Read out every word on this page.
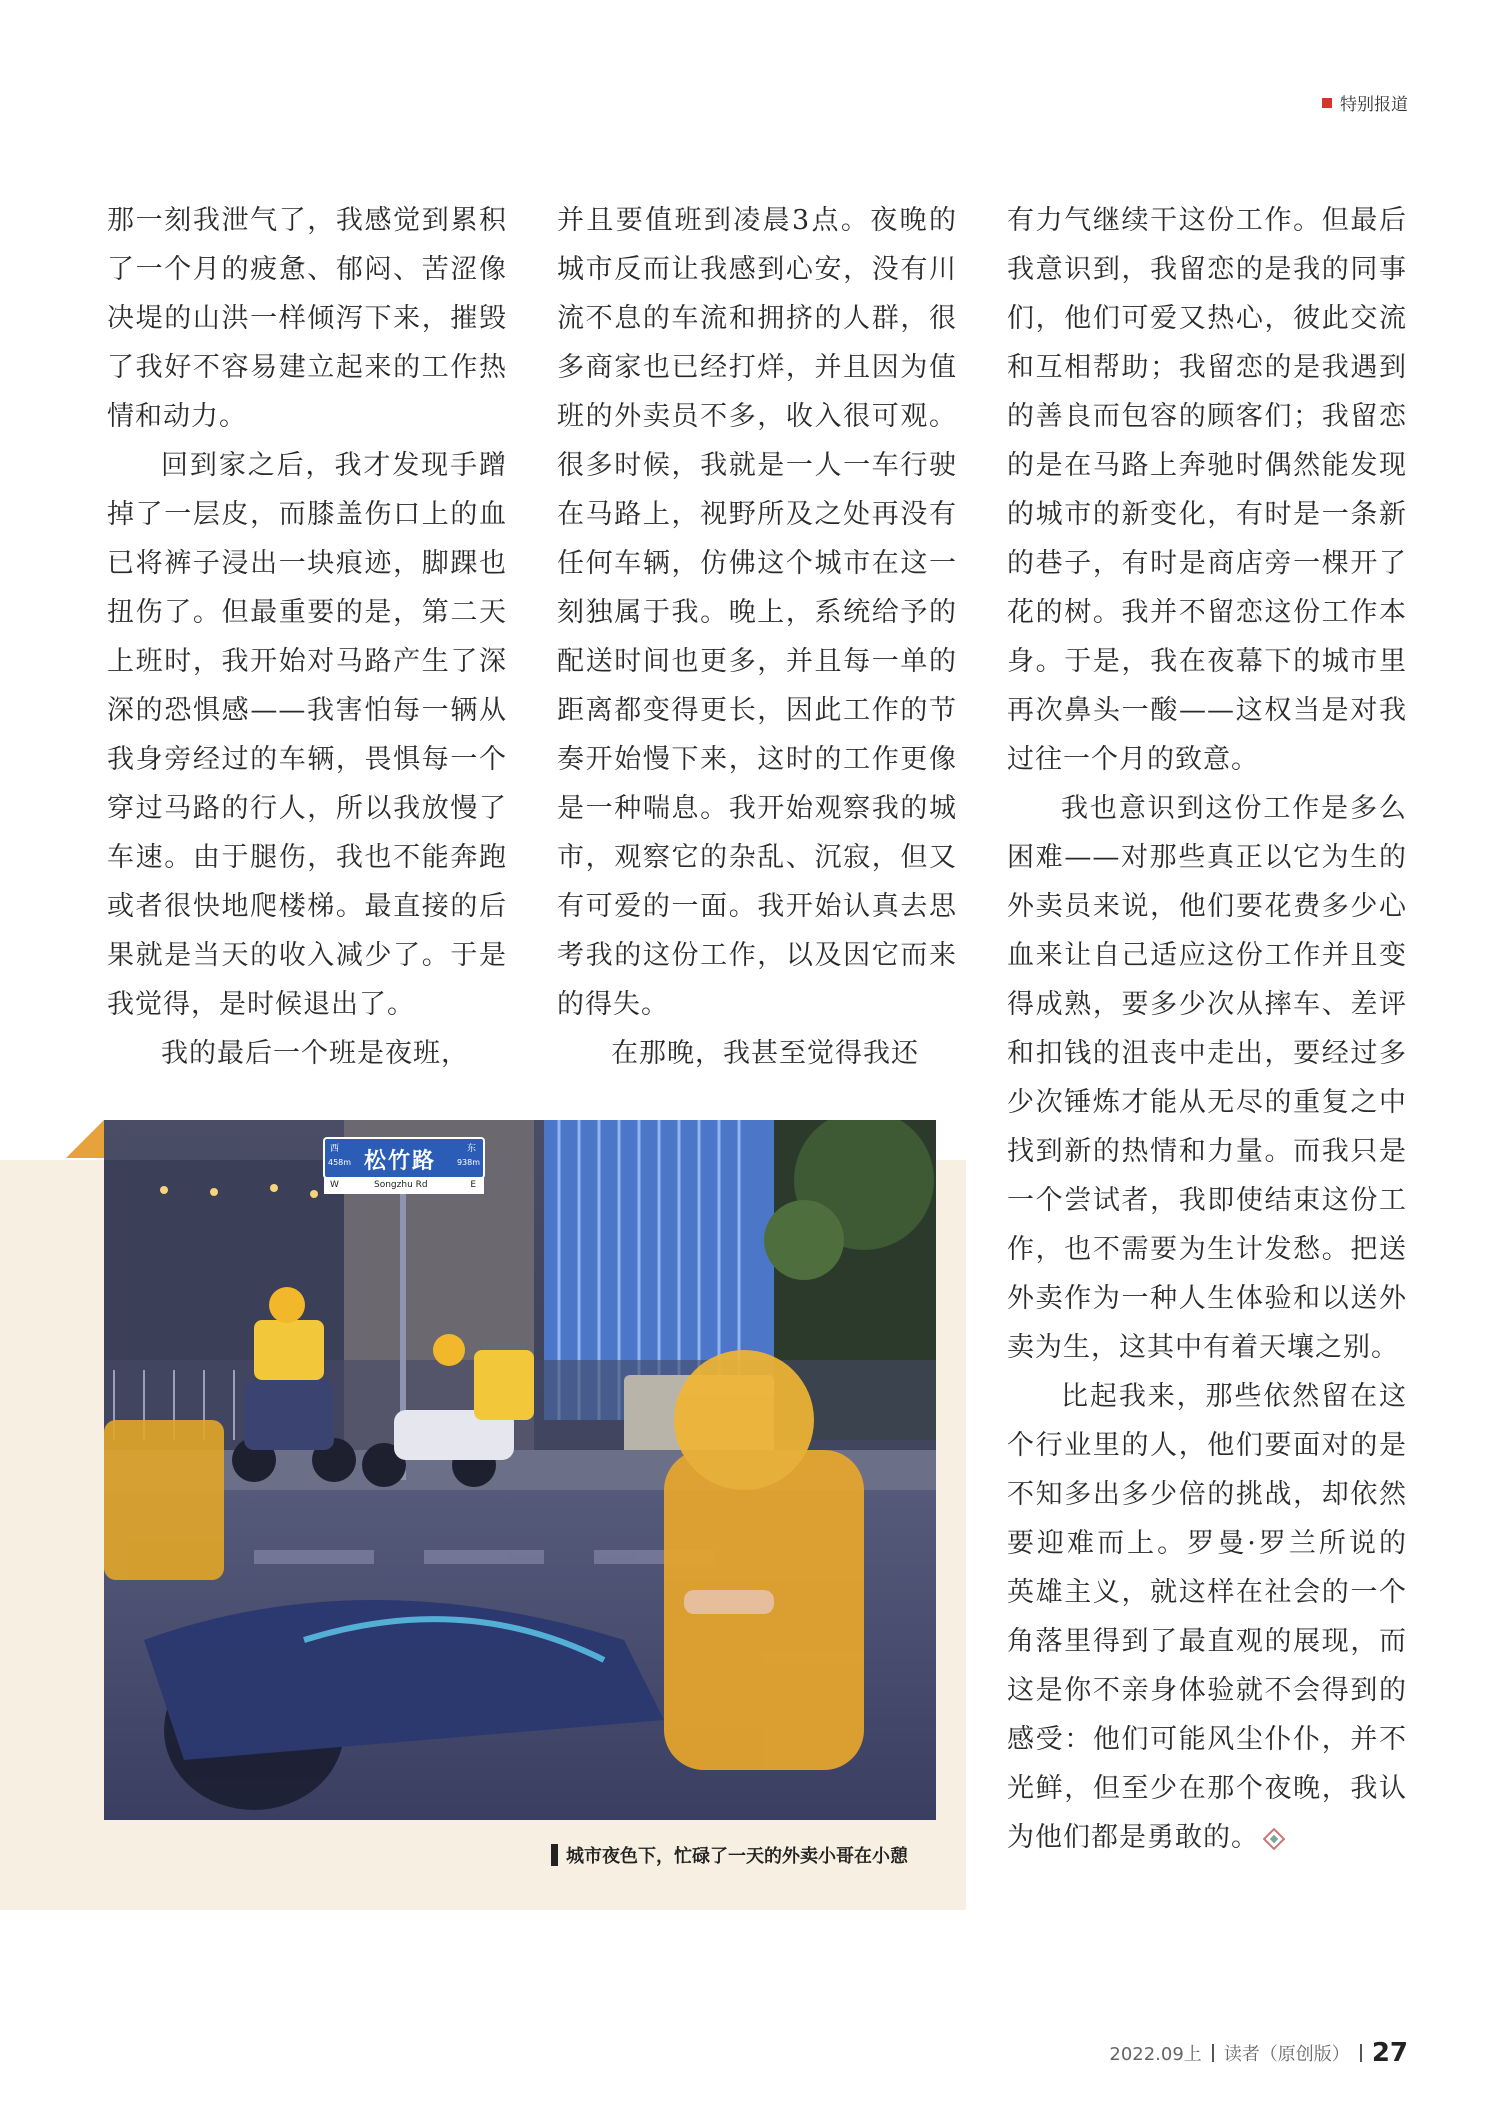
特别报道

那一刻我泄气了，我感觉到累积了一个月的疲惫、郁闷、苦涩像决堤的山洪一样倾泻下来，摧毁了我好不容易建立起来的工作热情和动力。

回到家之后，我才发现手蹭掉了一层皮，而膝盖伤口上的血已将裤子浸出一块痕迹，脚踝也扭伤了。但最重要的是，第二天上班时，我开始对马路产生了深深的恐惧感——我害怕每一辆从我身旁经过的车辆，畏惧每一个穿过马路的行人，所以我放慢了车速。由于腿伤，我也不能奔跑或者很快地爬楼梯。最直接的后果就是当天的收入减少了。于是我觉得，是时候退出了。

我的最后一个班是夜班，

并且要值班到凌晨3点。夜晚的城市反而让我感到心安，没有川流不息的车流和拥挤的人群，很多商家也已经打烊，并且因为值班的外卖员不多，收入很可观。很多时候，我就是一人一车行驶在马路上，视野所及之处再没有任何车辆，仿佛这个城市在这一刻独属于我。晚上，系统给予的配送时间也更多，并且每一单的距离都变得更长，因此工作的节奏开始慢下来，这时的工作更像是一种喘息。我开始观察我的城市，观察它的杂乱、沉寂，但又有可爱的一面。我开始认真去思考我的这份工作，以及因它而来的得失。

在那晚，我甚至觉得我还

有力气继续干这份工作。但最后我意识到，我留恋的是我的同事们，他们可爱又热心，彼此交流和互相帮助；我留恋的是我遇到的善良而包容的顾客们；我留恋的是在马路上奔驰时偶然能发现的城市的新变化，有时是一条新的巷子，有时是商店旁一棵开了花的树。我并不留恋这份工作本身。于是，我在夜幕下的城市里再次鼻头一酸——这权当是对我过往一个月的致意。

我也意识到这份工作是多么困难——对那些真正以它为生的外卖员来说，他们要花费多少心血来让自己适应这份工作并且变得成熟，要多少次从摔车、差评和扣钱的沮丧中走出，要经过多少次锤炼才能从无尽的重复之中找到新的热情和力量。而我只是一个尝试者，我即使结束这份工作，也不需要为生计发愁。把送外卖作为一种人生体验和以送外卖为生，这其中有着天壤之别。

比起我来，那些依然留在这个行业里的人，他们要面对的是不知多出多少倍的挑战，却依然要迎难而上。罗曼·罗兰所说的英雄主义，就这样在社会的一个角落里得到了最直观的展现，而这是你不亲身体验就不会得到的感受：他们可能风尘仆仆，并不光鲜，但至少在那个夜晚，我认为他们都是勇敢的。

西
458m 松竹路	东
938m
W	Songzhu Rd	E
城市夜色下，忙碌了一天的外卖小哥在小憩
2022.09上 读者（原创版） 27
